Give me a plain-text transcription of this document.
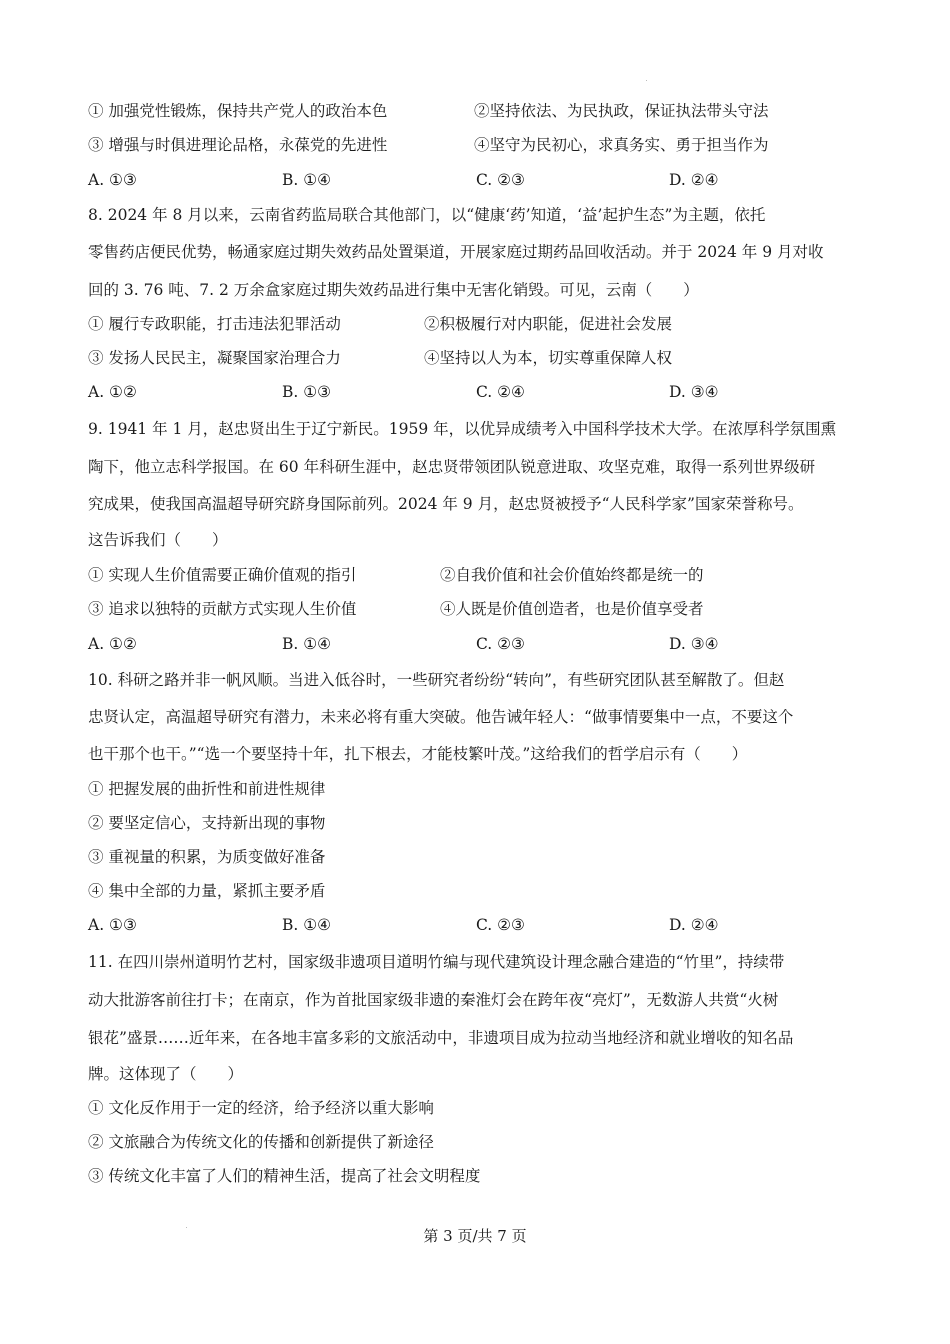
① 加强党性锻炼，保持共产党人的政治本色	②坚持依法、为民执政，保证执法带头守法
③ 增强与时俱进理论品格，永葆党的先进性	④坚守为民初心，求真务实、勇于担当作为
A. ①③	B. ①④	C. ②③	D. ②④
8. 2024 年 8 月以来，云南省药监局联合其他部门，以“健康‘药’知道，‘益’起护生态”为主题，依托
零售药店便民优势，畅通家庭过期失效药品处置渠道，开展家庭过期药品回收活动。并于 2024 年 9 月对收
回的 3. 76 吨、7. 2 万余盒家庭过期失效药品进行集中无害化销毁。可见，云南（　　）
① 履行专政职能，打击违法犯罪活动	②积极履行对内职能，促进社会发展
③ 发扬人民民主，凝聚国家治理合力	④坚持以人为本，切实尊重保障人权
A. ①②	B. ①③	C. ②④	D. ③④
9. 1941 年 1 月，赵忠贤出生于辽宁新民。1959 年，以优异成绩考入中国科学技术大学。在浓厚科学氛围熏
陶下，他立志科学报国。在 60 年科研生涯中，赵忠贤带领团队锐意进取、攻坚克难，取得一系列世界级研
究成果，使我国高温超导研究跻身国际前列。2024 年 9 月，赵忠贤被授予“人民科学家”国家荣誉称号。
这告诉我们（　　）
① 实现人生价值需要正确价值观的指引	②自我价值和社会价值始终都是统一的
③ 追求以独特的贡献方式实现人生价值	④人既是价值创造者，也是价值享受者
A. ①②	B. ①④	C. ②③	D. ③④
10. 科研之路并非一帆风顺。当进入低谷时，一些研究者纷纷“转向”，有些研究团队甚至解散了。但赵
忠贤认定，高温超导研究有潜力，未来必将有重大突破。他告诫年轻人：“做事情要集中一点，不要这个
也干那个也干。”“选一个要坚持十年，扎下根去，才能枝繁叶茂。”这给我们的哲学启示有（　　）
① 把握发展的曲折性和前进性规律
② 要坚定信心，支持新出现的事物
③ 重视量的积累，为质变做好准备
④ 集中全部的力量，紧抓主要矛盾
A. ①③	B. ①④	C. ②③	D. ②④
11. 在四川崇州道明竹艺村，国家级非遗项目道明竹编与现代建筑设计理念融合建造的“竹里”，持续带
动大批游客前往打卡；在南京，作为首批国家级非遗的秦淮灯会在跨年夜“亮灯”，无数游人共赏“火树
银花”盛景……近年来，在各地丰富多彩的文旅活动中，非遗项目成为拉动当地经济和就业增收的知名品
牌。这体现了（　　）
① 文化反作用于一定的经济，给予经济以重大影响
② 文旅融合为传统文化的传播和创新提供了新途径
③ 传统文化丰富了人们的精神生活，提高了社会文明程度
第 3 页/共 7 页
